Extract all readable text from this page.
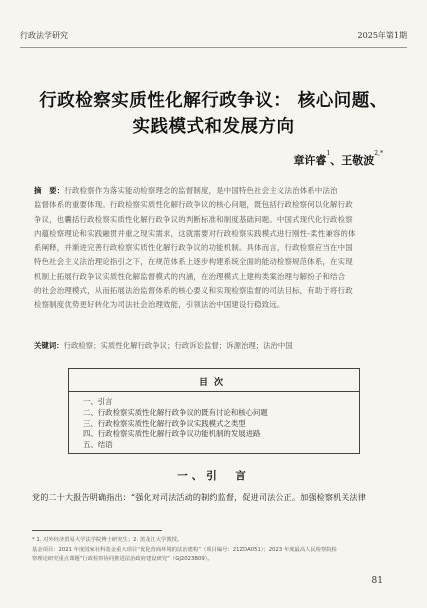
行政法学研究	2025年第1期
行政检察实质性化解行政争议： 核心问题、
实践模式和发展方向
章许睿$^1$、王敬波$^{2,*}$

摘　要：行政检察作为落实能动检察理念的监督制度，是中国特色社会主义法治体系中法治

监督体系的重要体现。行政检察实质性化解行政争议的核心问题，既包括行政检察何以化解行政

争议，也囊括行政检察实质性化解行政争议的判断标准和制度基础问题。中国式现代化行政检察

内蕴检察理论和实践融贯并重之现实需求，这就需要对行政检察实践模式进行刚性-柔性兼容的体

系阐释，并渐进完善行政检察实质性化解行政争议的功能机制。具体而言，行政检察应当在中国

特色社会主义法治理论指引之下，在规范体系上逐步构建系统全面的能动检察规范体系，在实现

机制上拓展行政争议实质性化解监督模式的内涵，在治理模式上建构类案治理与解纷子和结合

的社会治理模式，从而拓展法治监督体系的核心要义和实现检察监督的司法目标，有助于将行政

检察制度优势更好转化为司法社会治理效能，引领法治中国建设行稳致远。

关键词：行政检察；实质性化解行政争议；行政诉讼监督；诉源治理；法治中国
目次
一、引言
二、行政检察实质性化解行政争议的既有讨论和核心问题
三、行政检察实质性化解行政争议实践模式之类型
四、行政检察实质性化解行政争议功能机制的发展进路
五、结语
一、引　言
党的二十大报告明确指出：“强化对司法活动的制约监督，促进司法公正。加强检察机关法律
* 1. 对外经济贸易大学法学院博士研究生；2. 黑龙江大学教授。
基金项目：2021 年度国家社科基金重大项目“优化营商环境的法治建构”（项目编号：21ZDA051）；2023 年度最高人民检察院检
察理论研究重点课题“行政检察协同推进法治政府建设研究”（GJ2023B09）。
81
